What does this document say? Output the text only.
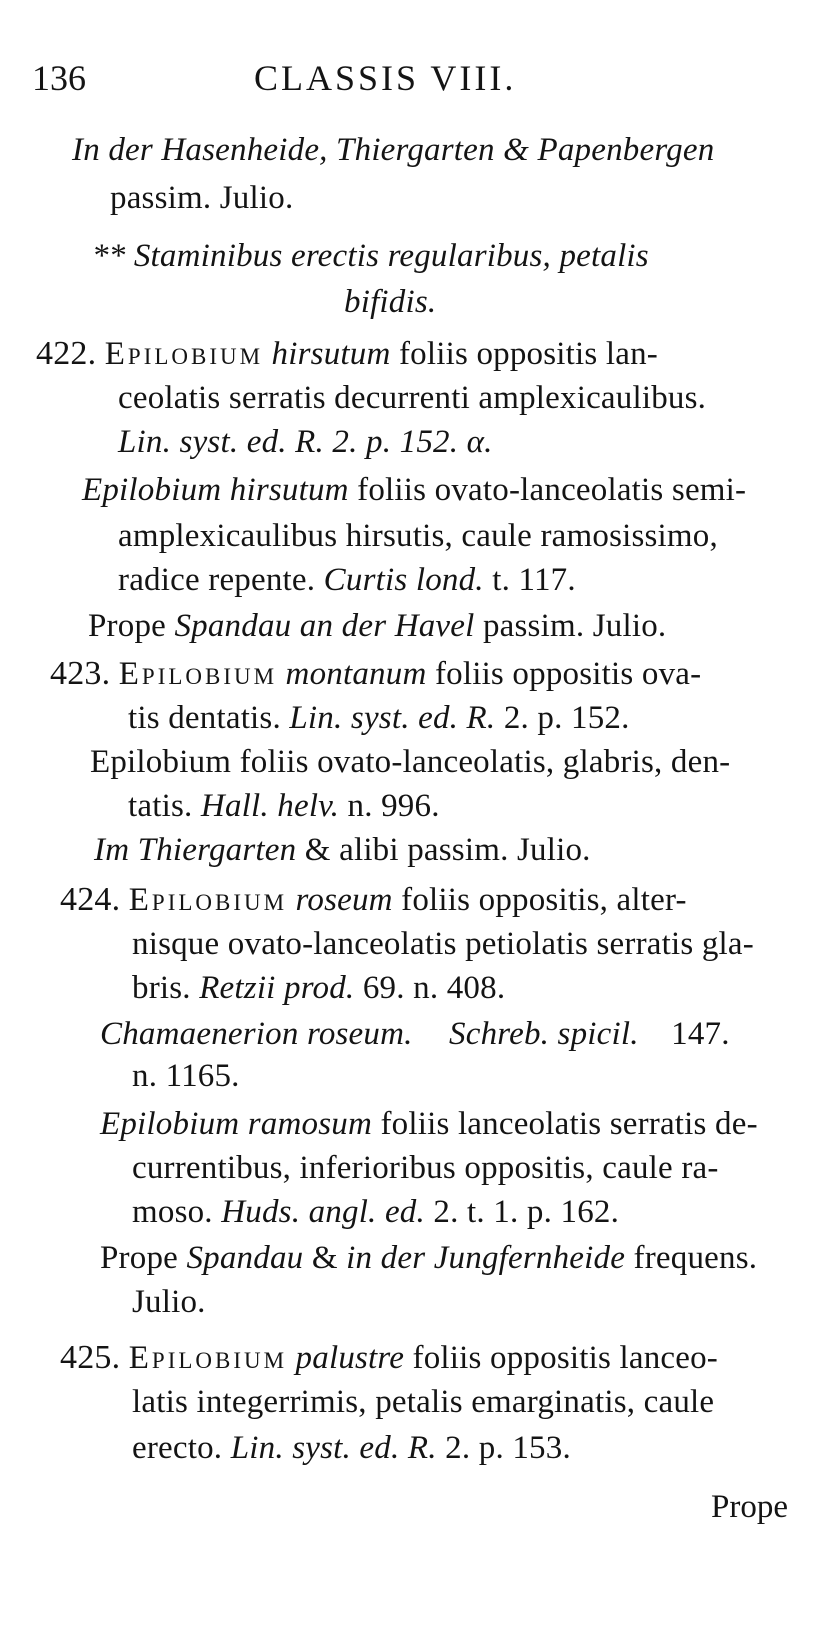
136	CLASSIS VIII.
In der Hasenheide, Thiergarten & Papenbergen
passim. Julio.
** Staminibus erectis regularibus, petalis
bifidis.
422. Epilobium hirsutum foliis oppositis lan-
ceolatis serratis decurrenti amplexicaulibus.
Lin. syst. ed. R. 2. p. 152. α.
Epilobium hirsutum foliis ovato-lanceolatis semi-
amplexicaulibus hirsutis, caule ramosissimo,
radice repente. Curtis lond. t. 117.
Prope Spandau an der Havel passim. Julio.
423. Epilobium montanum foliis oppositis ova-
tis dentatis. Lin. syst. ed. R. 2. p. 152.
Epilobium foliis ovato-lanceolatis, glabris, den-
tatis. Hall. helv. n. 996.
Im Thiergarten & alibi passim. Julio.
424. Epilobium roseum foliis oppositis, alter-
nisque ovato-lanceolatis petiolatis serratis gla-
bris. Retzii prod. 69. n. 408.
Chamaenerion roseum. Schreb. spicil. 147.
n. 1165.
Epilobium ramosum foliis lanceolatis serratis de-
currentibus, inferioribus oppositis, caule ra-
moso. Huds. angl. ed. 2. t. 1. p. 162.
Prope Spandau & in der Jungfernheide frequens.
Julio.
425. Epilobium palustre foliis oppositis lanceo-
latis integerrimis, petalis emarginatis, caule
erecto. Lin. syst. ed. R. 2. p. 153.
Prope
